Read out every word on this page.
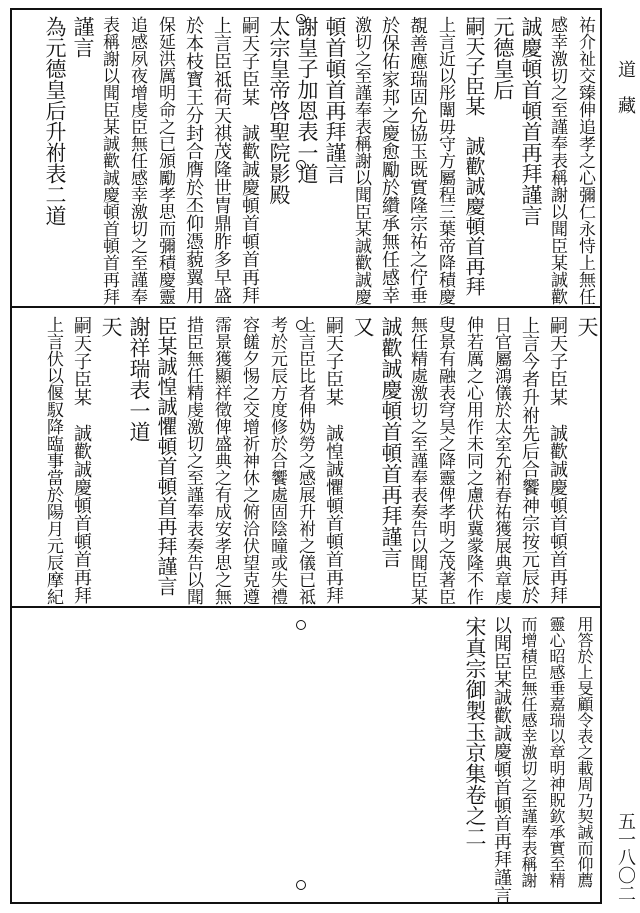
道　藏
五一八〇二
祐介祉交臻伸追孝之心彌仁永恃上無任
感幸激切之至謹奉表稱謝以聞臣某誠歡
誠慶頓首頓首再拜謹言
元德皇后
嗣天子臣某　誠歡誠慶頓首再拜
上言近以彤闈毋守方屬程三葉帝降積慶
覩善應瑞固允協玉既實隆宗祐之佇垂
於保佑家邦之慶愈勵於纘承無任感幸
激切之至謹奉表稱謝以聞臣某誠歡誠慶
頓首頓首再拜謹言
謝皇子加恩表一道
太宗皇帝啓聖院影殿
嗣天子臣某　誠歡誠慶頓首頓首再拜
上言臣祗荷天祺茂隆世冑鼎胙多早盛
於本枝寳王分封合膺於丕仰憑藐翼用
保延洪厲明命之已頒勵孝思而彌積慶靈
追感夙夜增虔臣無任感幸激切之至謹奉
表稱謝以聞臣某誠歡誠慶頓首頓首再拜
謹言
為元德皇后升祔表二道
天
嗣天子臣某　誠歡誠慶頓首頓首再拜
上言今者升祔先后合饗神宗按元辰於
日官屬鴻儀於太室允祔春祐獲展典章虔
伸若厲之心用作未同之慮伏冀䝉隆不作
叟景有融表穹昊之降靈俾孝明之茂著臣
無任精處激切之至謹奉表奏告以聞臣某
誠歡誠慶頓首頓首再拜謹言
又
嗣天子臣某　誠惶誠懼頓首頓首再拜
上言臣比者伸妫勞之感展升祔之儀已祗
考於元辰方度修於合饗處固陰曈或失禮
容饈夕惕之交增祈神休之俯洽伏望克遵
霈景獲顯祥徵俾盛典之有成安孝思之無
措臣無任精虔激切之至謹奉表奏告以聞
臣某誠惶誠懼頓首頓首再拜謹言
謝祥瑞表一道
天
嗣天子臣某　誠歡誠慶頓首頓首再拜
上言伏以偃馭降臨事當於陽月元辰摩紀
用答於上旻顧令表之載周乃契誠而仰薦
靈心昭感垂嘉瑞以章明神貺欽承實至精
而增積臣無任感幸激切之至謹奉表稱謝
以聞臣某誠歡誠慶頓首頓首再拜謹言
宋真宗御製玉京集卷之二
